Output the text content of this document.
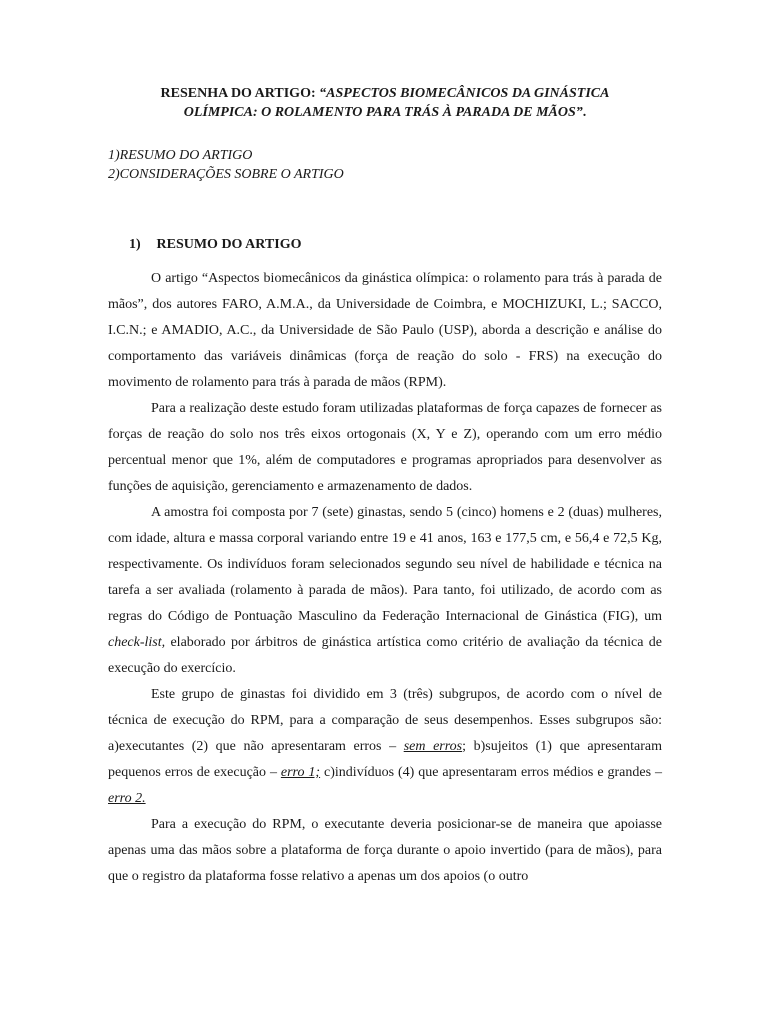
RESENHA DO ARTIGO: “ASPECTOS BIOMECÂNICOS DA GINÁSTICA
OLÍMPICA: O ROLAMENTO PARA TRÁS À PARADA DE MÃOS”.
1)RESUMO DO ARTIGO
2)CONSIDERAÇÕES SOBRE O ARTIGO
1) RESUMO DO ARTIGO

O artigo “Aspectos biomecânicos da ginástica olímpica: o rolamento para trás à parada de mãos”, dos autores FARO, A.M.A., da Universidade de Coimbra, e MOCHIZUKI, L.; SACCO, I.C.N.; e AMADIO, A.C., da Universidade de São Paulo (USP), aborda a descrição e análise do comportamento das variáveis dinâmicas (força de reação do solo - FRS) na execução do movimento de rolamento para trás à parada de mãos (RPM).

Para a realização deste estudo foram utilizadas plataformas de força capazes de fornecer as forças de reação do solo nos três eixos ortogonais (X, Y e Z), operando com um erro médio percentual menor que 1%, além de computadores e programas apropriados para desenvolver as funções de aquisição, gerenciamento e armazenamento de dados.

A amostra foi composta por 7 (sete) ginastas, sendo 5 (cinco) homens e 2 (duas) mulheres, com idade, altura e massa corporal variando entre 19 e 41 anos, 163 e 177,5 cm, e 56,4 e 72,5 Kg, respectivamente. Os indivíduos foram selecionados segundo seu nível de habilidade e técnica na tarefa a ser avaliada (rolamento à parada de mãos). Para tanto, foi utilizado, de acordo com as regras do Código de Pontuação Masculino da Federação Internacional de Ginástica (FIG), um check-list, elaborado por árbitros de ginástica artística como critério de avaliação da técnica de execução do exercício.

Este grupo de ginastas foi dividido em 3 (três) subgrupos, de acordo com o nível de técnica de execução do RPM, para a comparação de seus desempenhos. Esses subgrupos são: a)executantes (2) que não apresentaram erros – sem erros; b)sujeitos (1) que apresentaram pequenos erros de execução – erro 1; c)indivíduos (4) que apresentaram erros médios e grandes – erro 2.

Para a execução do RPM, o executante deveria posicionar-se de maneira que apoiasse apenas uma das mãos sobre a plataforma de força durante o apoio invertido (para de mãos), para que o registro da plataforma fosse relativo a apenas um dos apoios (o outro
